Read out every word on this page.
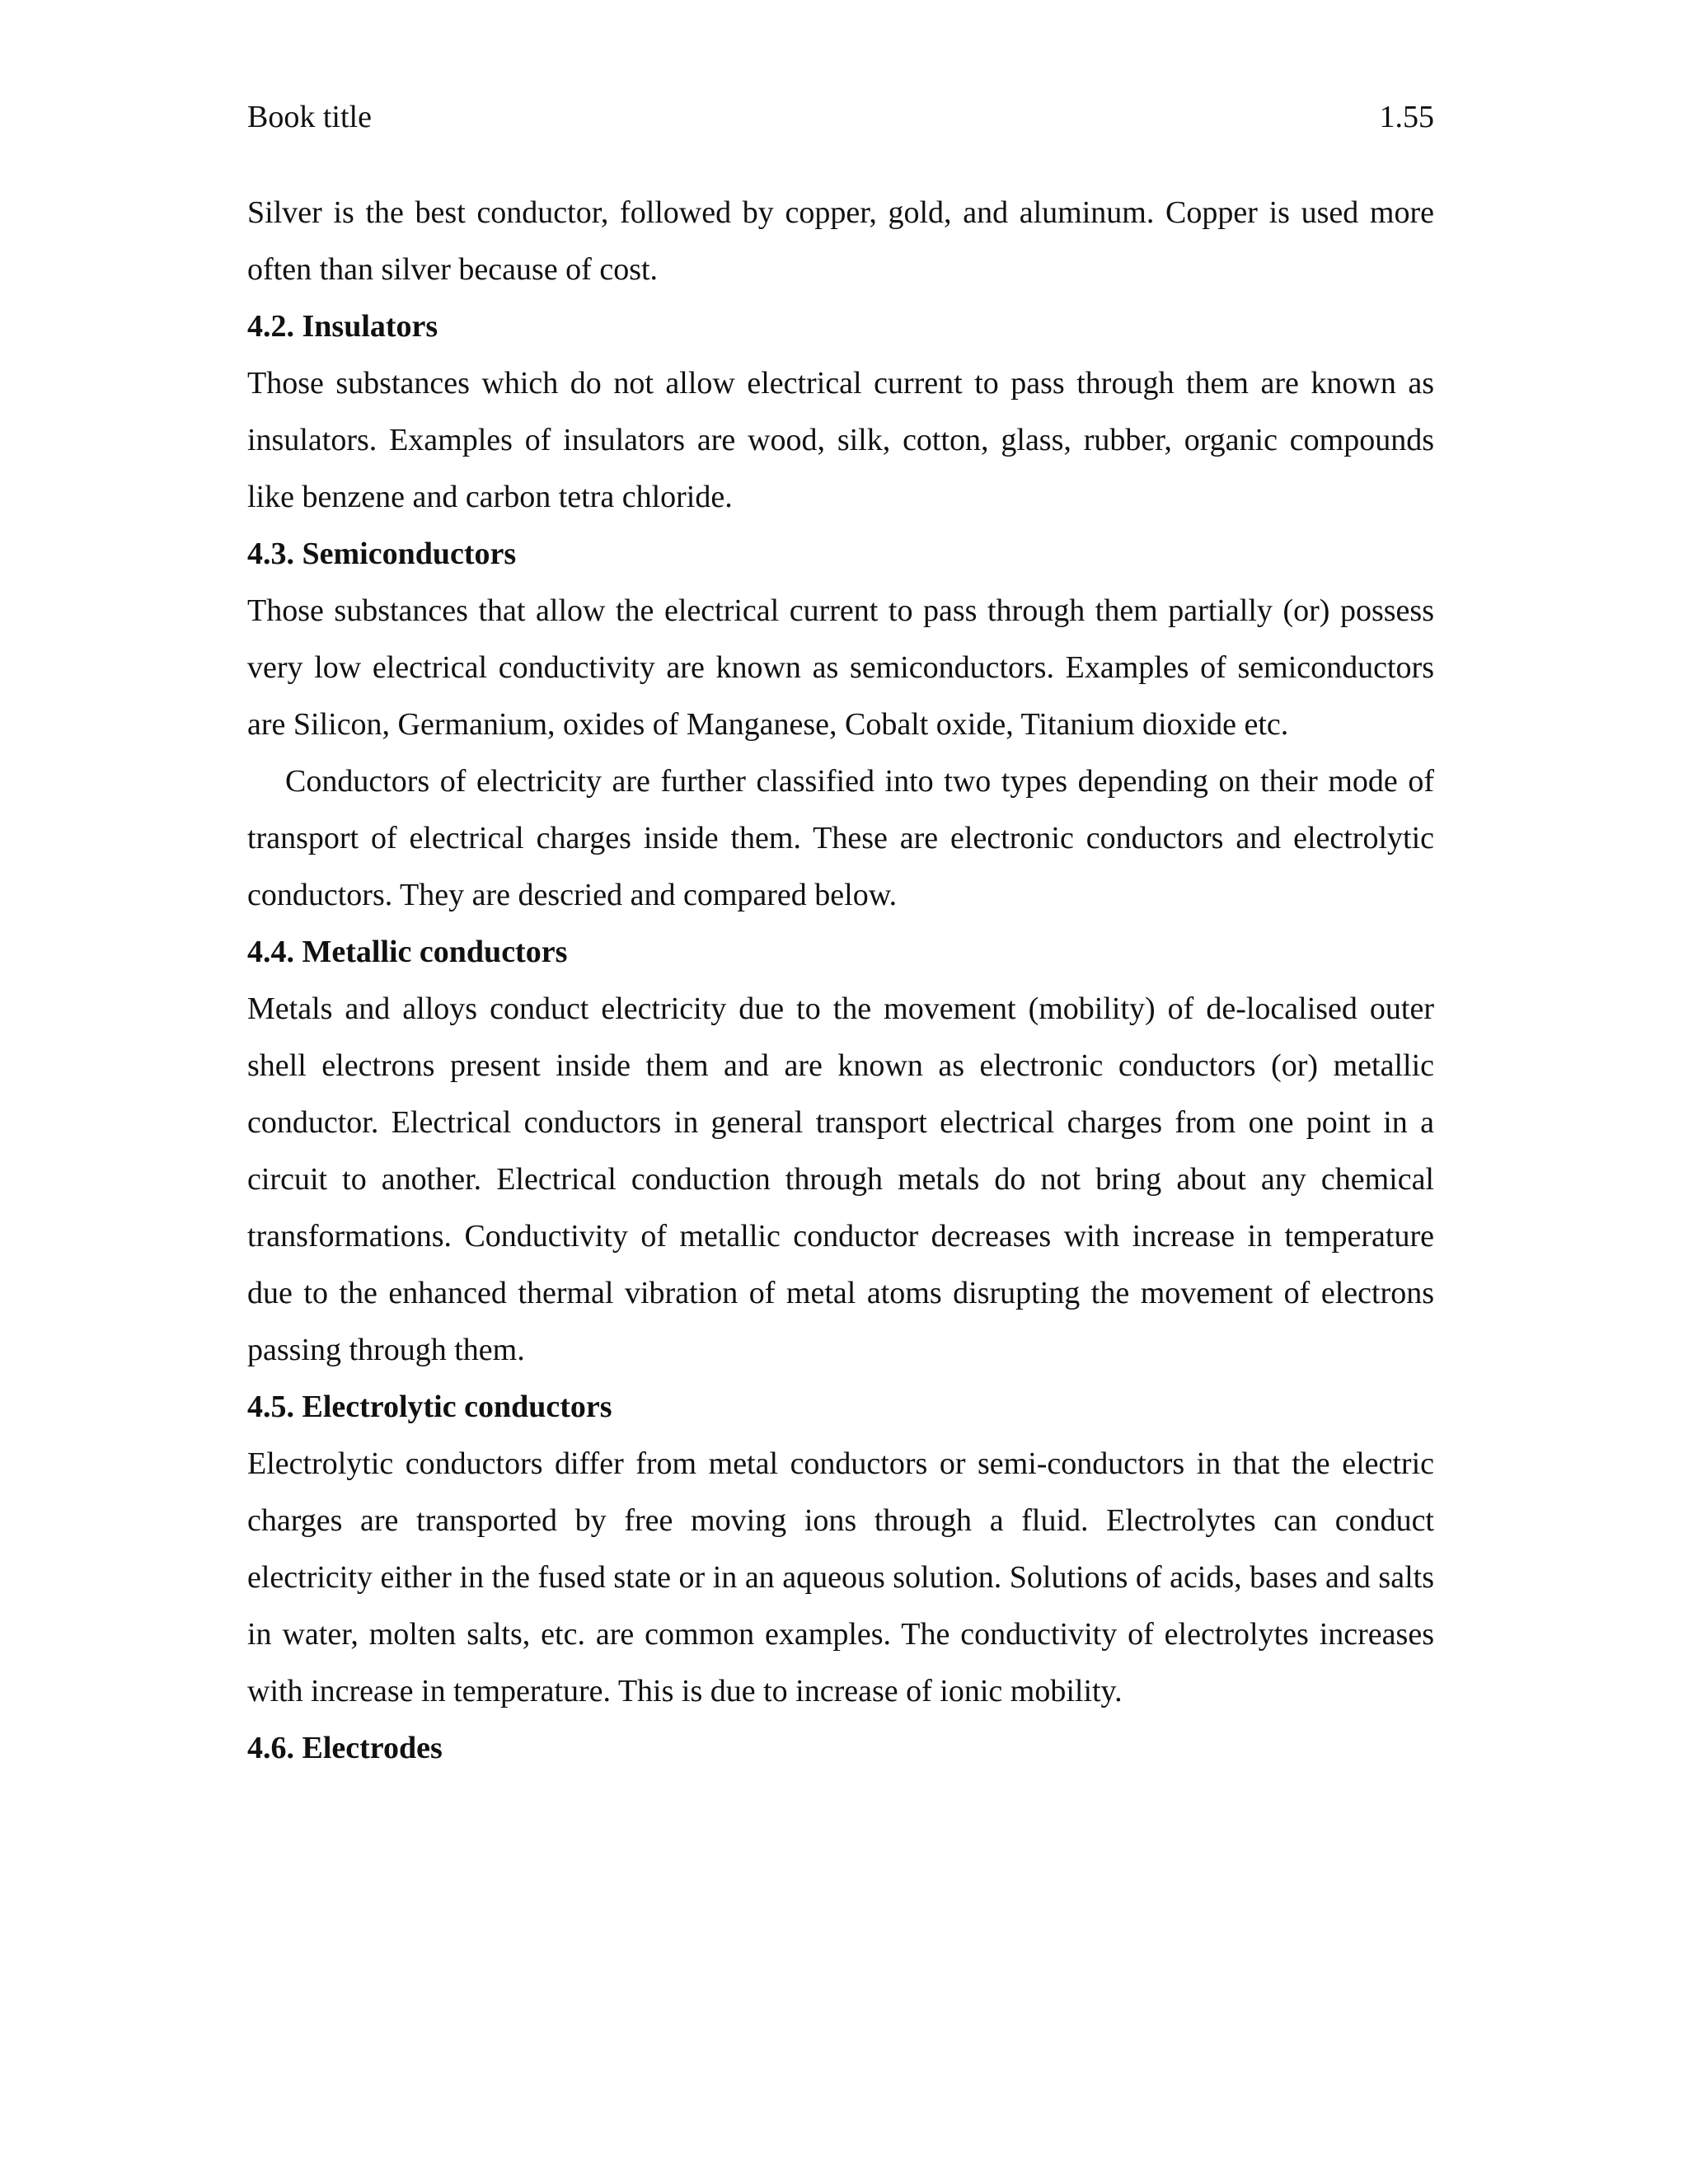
Book title	1.55

Silver is the best conductor, followed by copper, gold, and aluminum. Copper is used more often than silver because of cost.

4.2. Insulators

Those substances which do not allow electrical current to pass through them are known as insulators. Examples of insulators are wood, silk, cotton, glass, rubber, organic compounds like benzene and carbon tetra chloride.

4.3. Semiconductors

Those substances that allow the electrical current to pass through them partially (or) possess very low electrical conductivity are known as semiconductors. Examples of semiconductors are Silicon, Germanium, oxides of Manganese, Cobalt oxide, Titanium dioxide etc.

Conductors of electricity are further classified into two types depending on their mode of transport of electrical charges inside them. These are electronic conductors and electrolytic conductors. They are descried and compared below.

4.4. Metallic conductors

Metals and alloys conduct electricity due to the movement (mobility) of de-localised outer shell electrons present inside them and are known as electronic conductors (or) metallic conductor. Electrical conductors in general transport electrical charges from one point in a circuit to another. Electrical conduction through metals do not bring about any chemical transformations. Conductivity of metallic conductor decreases with increase in temperature due to the enhanced thermal vibration of metal atoms disrupting the movement of electrons passing through them.

4.5. Electrolytic conductors

Electrolytic conductors differ from metal conductors or semi-conductors in that the electric charges are transported by free moving ions through a fluid. Electrolytes can conduct electricity either in the fused state or in an aqueous solution. Solutions of acids, bases and salts in water, molten salts, etc. are common examples. The conductivity of electrolytes increases with increase in temperature. This is due to increase of ionic mobility.

4.6. Electrodes
